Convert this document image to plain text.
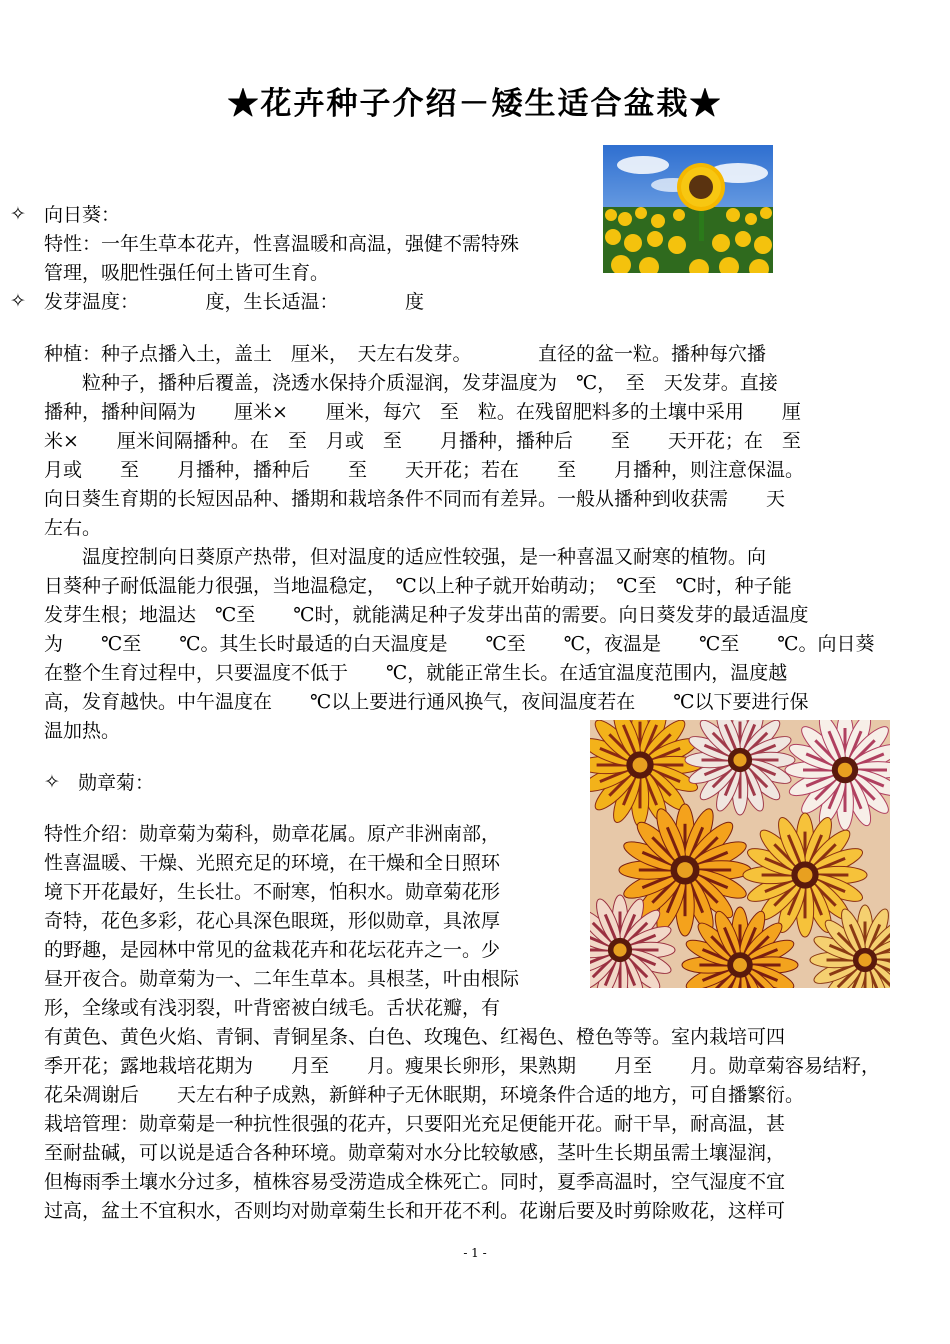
★花卉种子介绍－矮生适合盆栽★
✧ 向日葵：
特性：一年生草本花卉，性喜温暖和高温，强健不需特殊
管理，吸肥性强任何土皆可生育。
✧ 发芽温度：　　　　度，生长适温：　　　　度
种植：种子点播入土，盖土　厘米，　天左右发芽。　　　　直径的盆一粒。播种每穴播
　　粒种子，播种后覆盖，浇透水保持介质湿润，发芽温度为　℃，　至　天发芽。直接
播种，播种间隔为　　厘米×　　厘米，每穴　至　粒。在残留肥料多的土壤中采用　　厘
米×　　厘米间隔播种。在　至　月或　至　　月播种，播种后　　至　　天开花；在　至
月或　　至　　月播种，播种后　　至　　天开花；若在　　至　　月播种，则注意保温。
向日葵生育期的长短因品种、播期和栽培条件不同而有差异。一般从播种到收获需　　天
左右。
　　温度控制向日葵原产热带，但对温度的适应性较强，是一种喜温又耐寒的植物。向
日葵种子耐低温能力很强，当地温稳定，　℃以上种子就开始萌动；　℃至　℃时，种子能
发芽生根；地温达　℃至　　℃时，就能满足种子发芽出苗的需要。向日葵发芽的最适温度
为　　℃至　　℃。其生长时最适的白天温度是　　℃至　　℃，夜温是　　℃至　　℃。向日葵
在整个生育过程中，只要温度不低于　　℃，就能正常生长。在适宜温度范围内，温度越
高，发育越快。中午温度在　　℃以上要进行通风换气，夜间温度若在　　℃以下要进行保
温加热。
✧ 勋章菊：
特性介绍：勋章菊为菊科，勋章花属。原产非洲南部，
性喜温暖、干燥、光照充足的环境，在干燥和全日照环
境下开花最好，生长壮。不耐寒，怕积水。勋章菊花形
奇特，花色多彩，花心具深色眼斑，形似勋章，具浓厚
的野趣，是园林中常见的盆栽花卉和花坛花卉之一。少
昼开夜合。勋章菊为一、二年生草本。具根茎，叶由根际
形，全缘或有浅羽裂，叶背密被白绒毛。舌状花瓣，有
有黄色、黄色火焰、青铜、青铜星条、白色、玫瑰色、红褐色、橙色等等。室内栽培可四
季开花；露地栽培花期为　　月至　　月。瘦果长卵形，果熟期　　月至　　月。勋章菊容易结籽，
花朵凋谢后　　天左右种子成熟，新鲜种子无休眠期，环境条件合适的地方，可自播繁衍。
栽培管理：勋章菊是一种抗性很强的花卉，只要阳光充足便能开花。耐干旱，耐高温，甚
至耐盐碱，可以说是适合各种环境。勋章菊对水分比较敏感，茎叶生长期虽需土壤湿润，
但梅雨季土壤水分过多，植株容易受涝造成全株死亡。同时，夏季高温时，空气湿度不宜
过高，盆土不宜积水，否则均对勋章菊生长和开花不利。花谢后要及时剪除败花，这样可
- 1 -
